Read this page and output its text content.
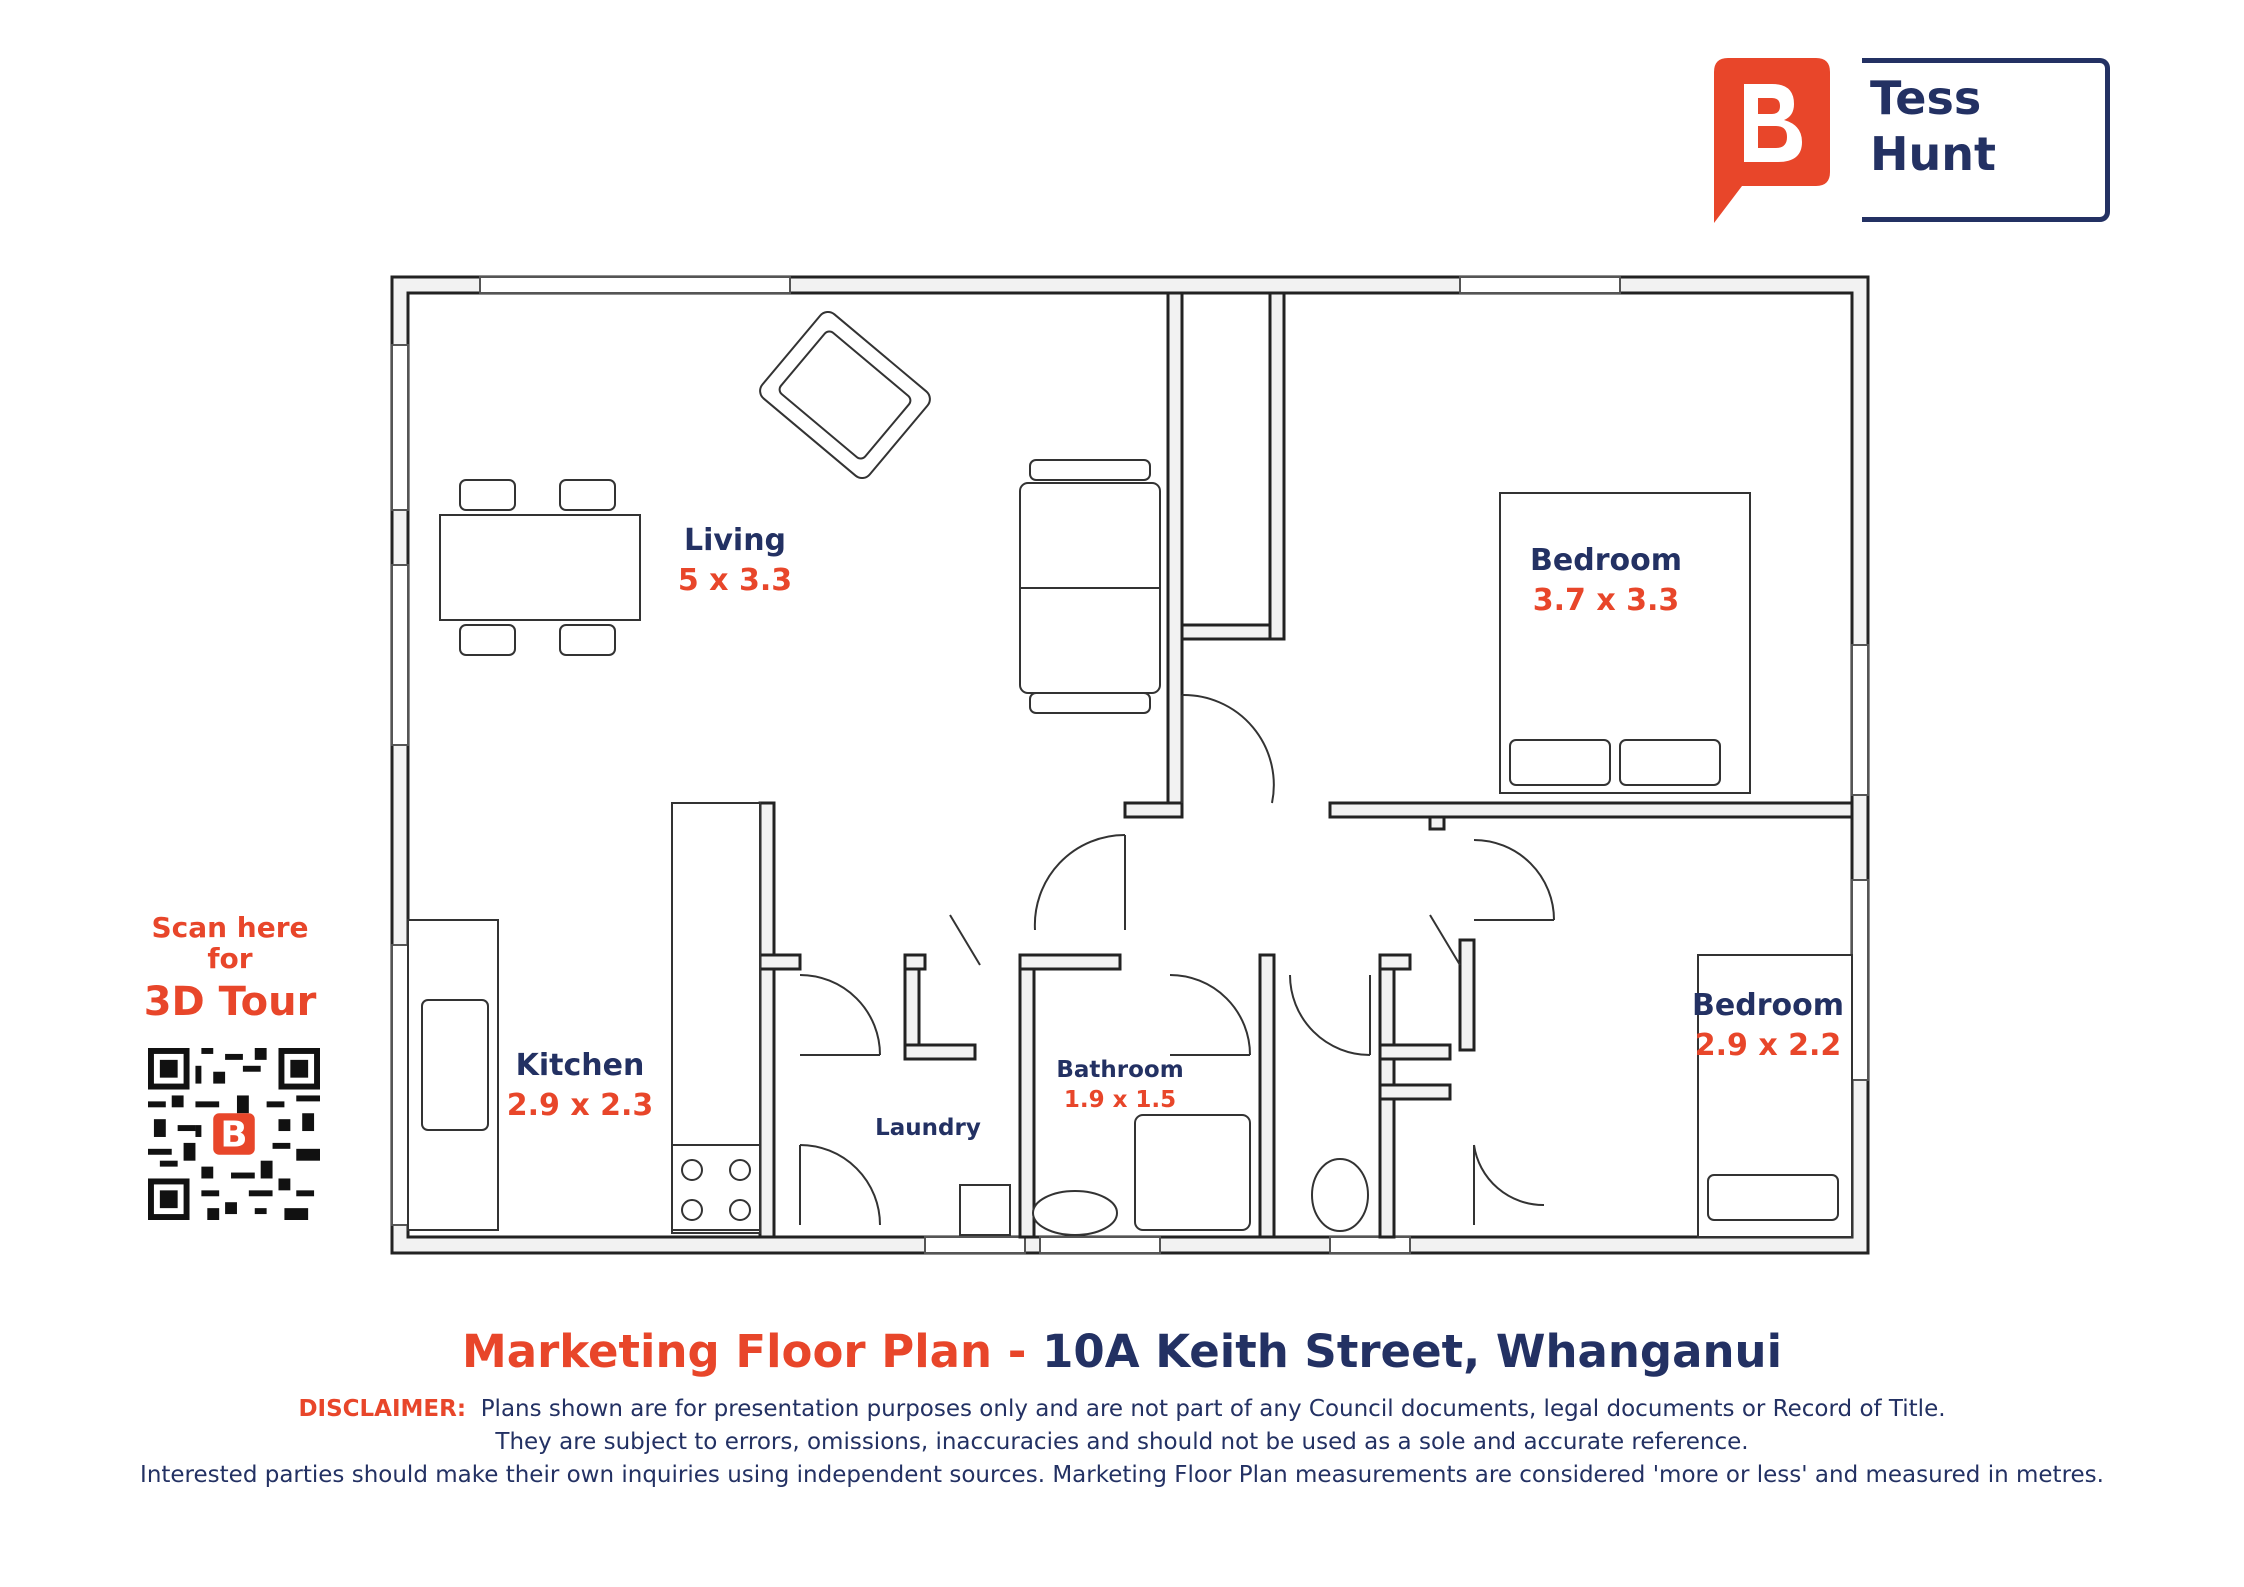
Tess
Hunt
Living
5 x 3.3
Kitchen
2.9 x 2.3
Bedroom
3.7 x 3.3
Bedroom
2.9 x 2.2
Bathroom
1.9 x 1.5
Laundry
Scan here
for
3D Tour
B
Marketing Floor Plan - 10A Keith Street, Whanganui
DISCLAIMER: Plans shown are for presentation purposes only and are not part of any Council documents, legal documents or Record of Title.
They are subject to errors, omissions, inaccuracies and should not be used as a sole and accurate reference.
Interested parties should make their own inquiries using independent sources. Marketing Floor Plan measurements are considered 'more or less' and measured in metres.
